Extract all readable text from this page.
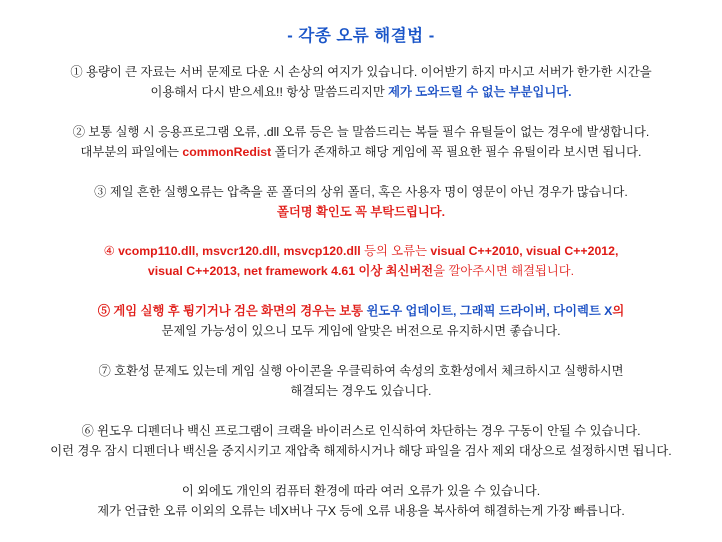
- 각종 오류 해결법 -
① 용량이 큰 자료는 서버 문제로 다운 시 손상의 여지가 있습니다. 이어받기 하지 마시고 서버가 한가한 시간을
이용해서 다시 받으세요!! 항상 말씀드리지만 제가 도와드릴 수 없는 부분입니다.
② 보통 실행 시 응용프로그램 오류, .dll 오류 등은 늘 말씀드리는 복들 필수 유틸들이 없는 경우에 발생합니다.
대부분의 파일에는 commonRedist 폴더가 존재하고 해당 게임에 꼭 필요한 필수 유틸이라 보시면 됩니다.
③ 제일 흔한 실행오류는 압축을 푼 폴더의 상위 폴더, 혹은 사용자 명이 영문이 아닌 경우가 많습니다.
폴더명 확인도 꼭 부탁드립니다.
④ vcomp110.dll, msvcr120.dll, msvcp120.dll 등의 오류는 visual C++2010, visual C++2012,
visual C++2013, net framework 4.61 이상 최신버전을 깔아주시면 해결됩니다.
⑤ 게임 실행 후 튕기거나 검은 화면의 경우는 보통 윈도우 업데이트, 그래픽 드라이버, 다이렉트 X의
문제일 가능성이 있으니 모두 게임에 알맞은 버전으로 유지하시면 좋습니다.
⑦ 호환성 문제도 있는데 게임 실행 아이콘을 우클릭하여 속성의 호환성에서 체크하시고 실행하시면
해결되는 경우도 있습니다.
⑥ 윈도우 디펜더나 백신 프로그램이 크랙을 바이러스로 인식하여 차단하는 경우 구동이 안될 수 있습니다.
이런 경우 잠시 디펜더나 백신을 중지시키고 재압축 해제하시거나 해당 파일을 검사 제외 대상으로 설정하시면 됩니다.
이 외에도 개인의 컴퓨터 환경에 따라 여러 오류가 있을 수 있습니다.
제가 언급한 오류 이외의 오류는 네X버나 구X 등에 오류 내용을 복사하여 해결하는게 가장 빠릅니다.
